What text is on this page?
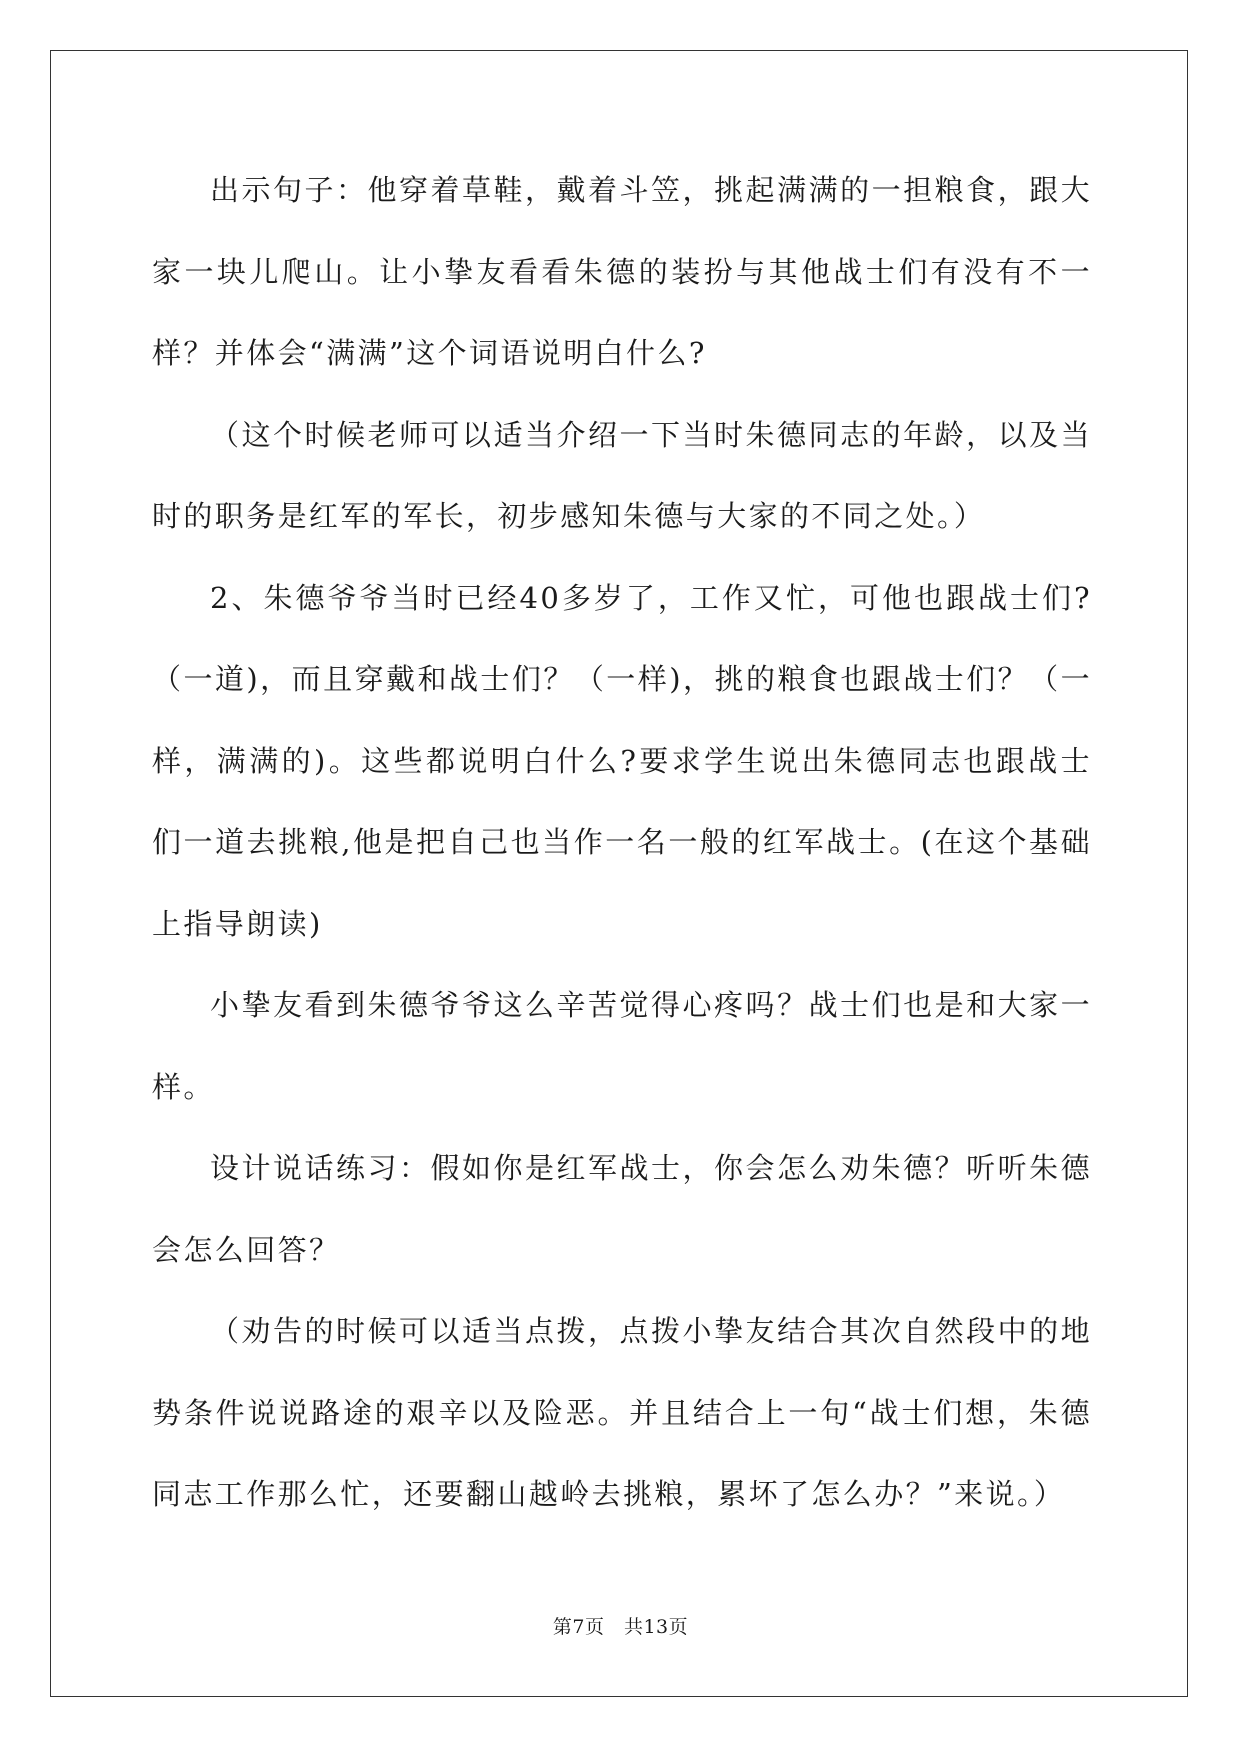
出示句子：他穿着草鞋，戴着斗笠，挑起满满的一担粮食，跟大家一块儿爬山。让小挚友看看朱德的装扮与其他战士们有没有不一样？并体会“满满”这个词语说明白什么?

（这个时候老师可以适当介绍一下当时朱德同志的年龄，以及当时的职务是红军的军长，初步感知朱德与大家的不同之处。）

2、朱德爷爷当时已经40多岁了，工作又忙，可他也跟战士们?（一道)，而且穿戴和战士们？（一样)，挑的粮食也跟战士们？（一样，满满的)。这些都说明白什么?要求学生说出朱德同志也跟战士们一道去挑粮,他是把自己也当作一名一般的红军战士。(在这个基础上指导朗读)

小挚友看到朱德爷爷这么辛苦觉得心疼吗？战士们也是和大家一样。

设计说话练习：假如你是红军战士，你会怎么劝朱德？听听朱德会怎么回答？

（劝告的时候可以适当点拨，点拨小挚友结合其次自然段中的地势条件说说路途的艰辛以及险恶。并且结合上一句“战士们想，朱德同志工作那么忙，还要翻山越岭去挑粮，累坏了怎么办？”来说。）

第7页　共13页
